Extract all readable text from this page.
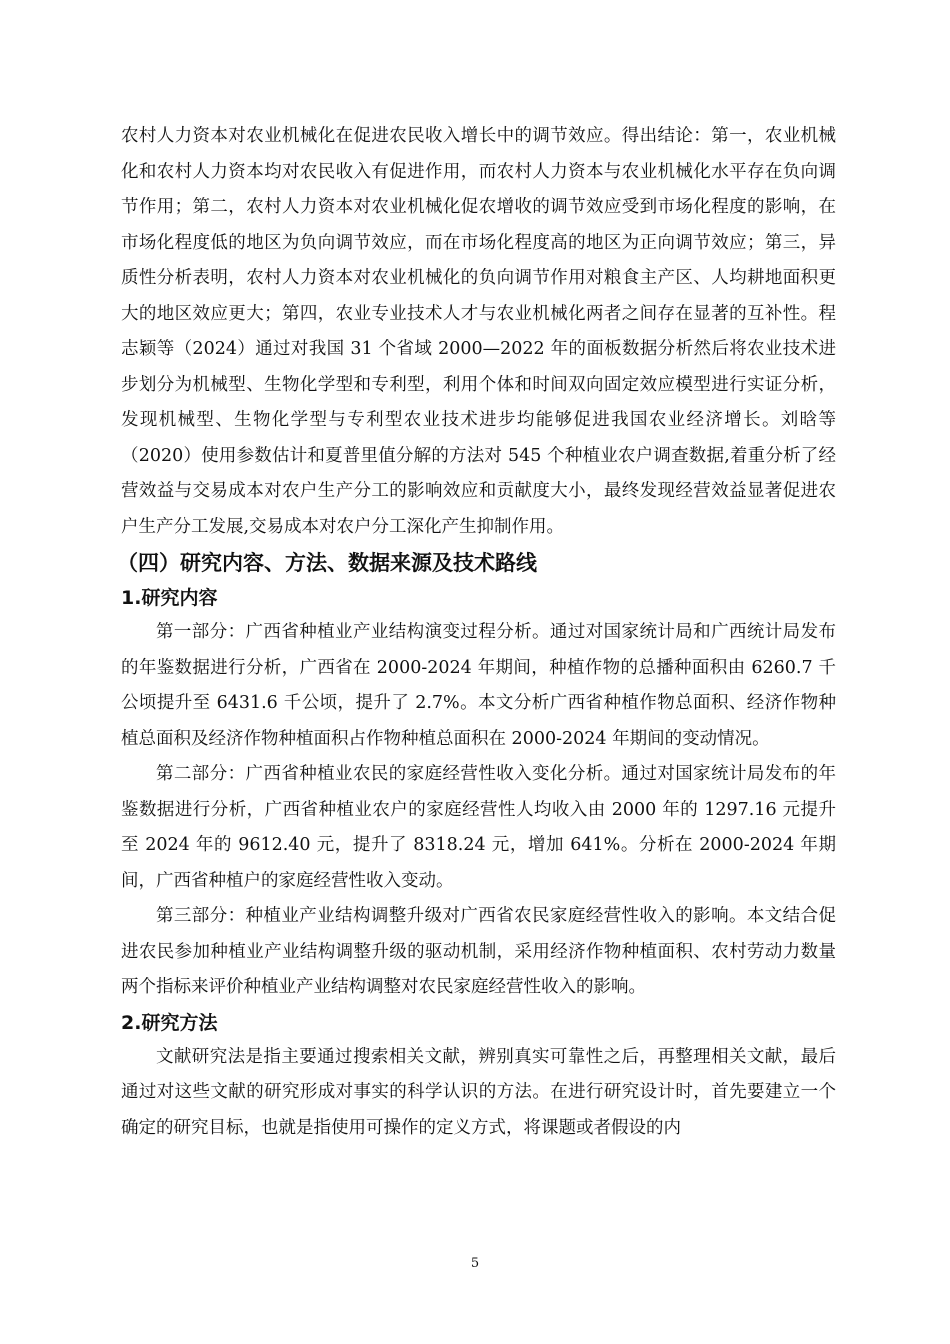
农村人力资本对农业机械化在促进农民收入增长中的调节效应。得出结论：第一，农业机械化和农村人力资本均对农民收入有促进作用，而农村人力资本与农业机械化水平存在负向调节作用；第二，农村人力资本对农业机械化促农增收的调节效应受到市场化程度的影响，在市场化程度低的地区为负向调节效应，而在市场化程度高的地区为正向调节效应；第三，异质性分析表明，农村人力资本对农业机械化的负向调节作用对粮食主产区、人均耕地面积更大的地区效应更大；第四，农业专业技术人才与农业机械化两者之间存在显著的互补性。程志颖等（2024）通过对我国 31 个省域 2000—2022 年的面板数据分析然后将农业技术进步划分为机械型、生物化学型和专利型，利用个体和时间双向固定效应模型进行实证分析，发现机械型、生物化学型与专利型农业技术进步均能够促进我国农业经济增长。刘晗等（2020）使用参数估计和夏普里值分解的方法对 545 个种植业农户调查数据,着重分析了经营效益与交易成本对农户生产分工的影响效应和贡献度大小，最终发现经营效益显著促进农户生产分工发展,交易成本对农户分工深化产生抑制作用。

（四）研究内容、方法、数据来源及技术路线
1.研究内容

第一部分：广西省种植业产业结构演变过程分析。通过对国家统计局和广西统计局发布的年鉴数据进行分析，广西省在 2000-2024 年期间，种植作物的总播种面积由 6260.7 千公顷提升至 6431.6 千公顷，提升了 2.7%。本文分析广西省种植作物总面积、经济作物种植总面积及经济作物种植面积占作物种植总面积在 2000-2024 年期间的变动情况。

第二部分：广西省种植业农民的家庭经营性收入变化分析。通过对国家统计局发布的年鉴数据进行分析，广西省种植业农户的家庭经营性人均收入由 2000 年的 1297.16 元提升至 2024 年的 9612.40 元，提升了 8318.24 元，增加 641%。分析在 2000-2024 年期间，广西省种植户的家庭经营性收入变动。

第三部分：种植业产业结构调整升级对广西省农民家庭经营性收入的影响。本文结合促进农民参加种植业产业结构调整升级的驱动机制，采用经济作物种植面积、农村劳动力数量两个指标来评价种植业产业结构调整对农民家庭经营性收入的影响。

2.研究方法

文献研究法是指主要通过搜索相关文献，辨别真实可靠性之后，再整理相关文献，最后通过对这些文献的研究形成对事实的科学认识的方法。在进行研究设计时，首先要建立一个确定的研究目标，也就是指使用可操作的定义方式，将课题或者假设的内

5
